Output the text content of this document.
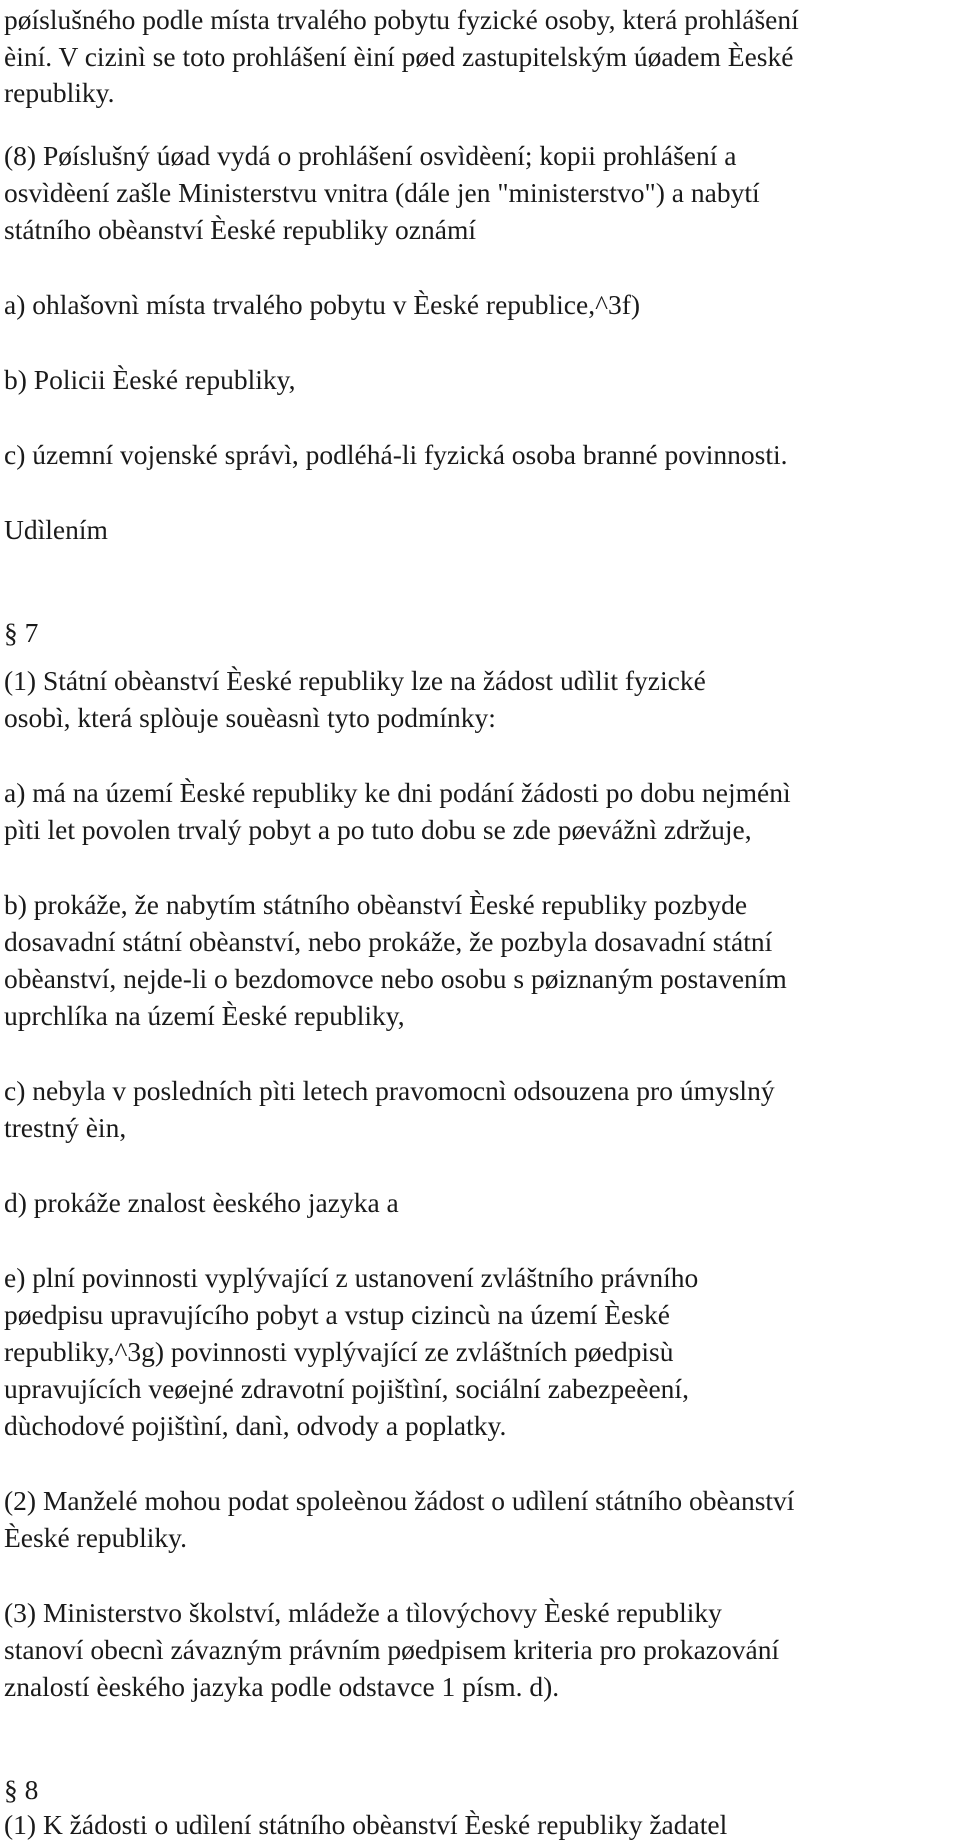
pøíslušného podle místa trvalého pobytu fyzické osoby, která prohlášení

èiní. V cizinì se toto prohlášení èiní pøed zastupitelským úøadem Èeské

republiky.

(8) Pøíslušný úøad vydá o prohlášení osvìdèení; kopii prohlášení a

osvìdèení zašle Ministerstvu vnitra (dále jen "ministerstvo") a nabytí

státního obèanství Èeské republiky oznámí

a) ohlašovnì místa trvalého pobytu v Èeské republice,^3f)

b) Policii Èeské republiky,

c) územní vojenské správì, podléhá-li fyzická osoba branné povinnosti.

Udìlením

§ 7

(1) Státní obèanství Èeské republiky lze na žádost udìlit fyzické

osobì, která splòuje souèasnì tyto podmínky:

a) má na území Èeské republiky ke dni podání žádosti po dobu nejménì

pìti let povolen trvalý pobyt a po tuto dobu se zde pøevážnì zdržuje,

b) prokáže, že nabytím státního obèanství Èeské republiky pozbyde

dosavadní státní obèanství, nebo prokáže, že pozbyla dosavadní státní

obèanství, nejde-li o bezdomovce nebo osobu s pøiznaným postavením

uprchlíka na území Èeské republiky,

c) nebyla v posledních pìti letech pravomocnì odsouzena pro úmyslný

trestný èin,

d) prokáže znalost èeského jazyka a

e) plní povinnosti vyplývající z ustanovení zvláštního právního

pøedpisu upravujícího pobyt a vstup cizincù na území Èeské

republiky,^3g) povinnosti vyplývající ze zvláštních pøedpisù

upravujících veøejné zdravotní pojištìní, sociální zabezpeèení,

dùchodové pojištìní, danì, odvody a poplatky.

(2) Manželé mohou podat spoleènou žádost o udìlení státního obèanství

Èeské republiky.

(3) Ministerstvo školství, mládeže a tìlovýchovy Èeské republiky

stanoví obecnì závazným právním pøedpisem kriteria pro prokazování

znalostí èeského jazyka podle odstavce 1 písm. d).

§ 8

(1) K žádosti o udìlení státního obèanství Èeské republiky žadatel
